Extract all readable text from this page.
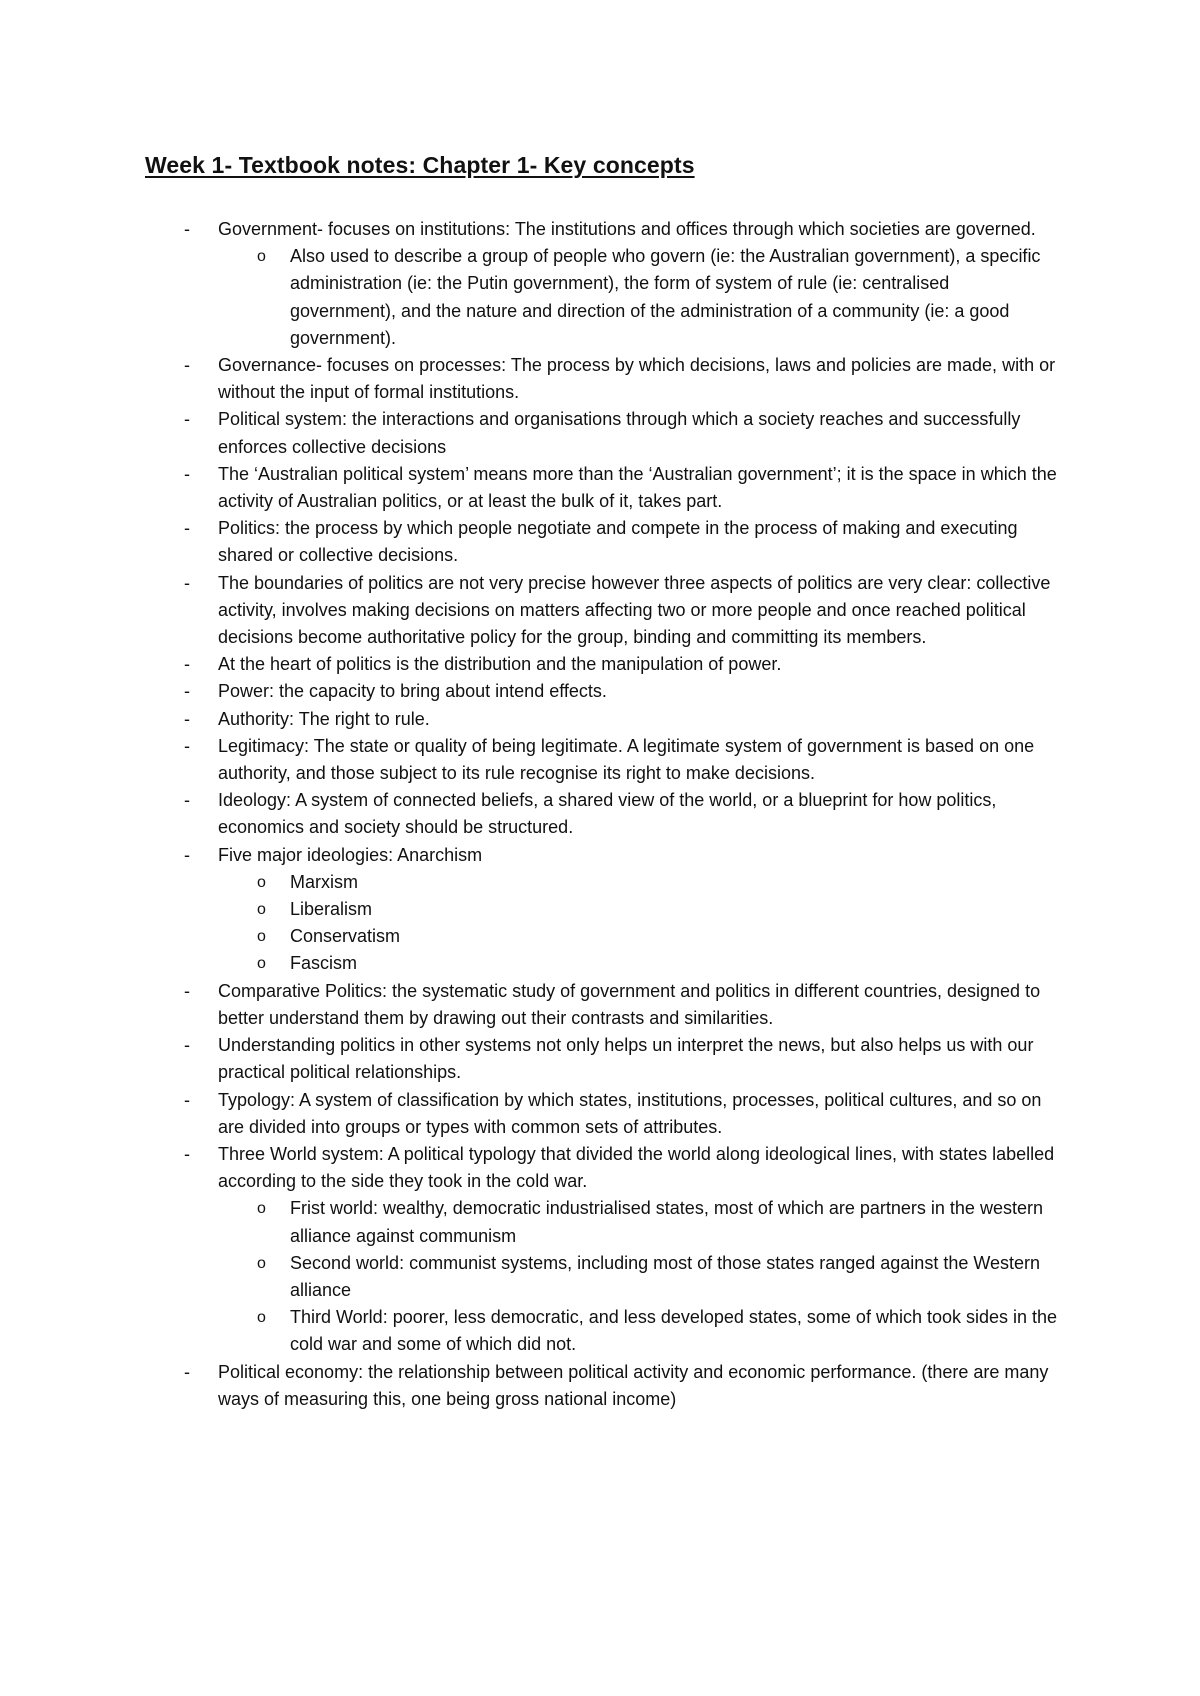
Week 1- Textbook notes: Chapter 1- Key concepts
- Government- focuses on institutions: The institutions and offices through which societies are governed.
o Also used to describe a group of people who govern (ie: the Australian government), a specific administration (ie: the Putin government), the form of system of rule (ie: centralised government), and the nature and direction of the administration of a community (ie: a good government).
- Governance- focuses on processes: The process by which decisions, laws and policies are made, with or without the input of formal institutions.
- Political system: the interactions and organisations through which a society reaches and successfully enforces collective decisions
- The ‘Australian political system’ means more than the ‘Australian government’; it is the space in which the activity of Australian politics, or at least the bulk of it, takes part.
- Politics: the process by which people negotiate and compete in the process of making and executing shared or collective decisions.
- The boundaries of politics are not very precise however three aspects of politics are very clear: collective activity, involves making decisions on matters affecting two or more people and once reached political decisions become authoritative policy for the group, binding and committing its members.
- At the heart of politics is the distribution and the manipulation of power.
- Power: the capacity to bring about intend effects.
- Authority: The right to rule.
- Legitimacy: The state or quality of being legitimate. A legitimate system of government is based on one authority, and those subject to its rule recognise its right to make decisions.
- Ideology: A system of connected beliefs, a shared view of the world, or a blueprint for how politics, economics and society should be structured.
- Five major ideologies: Anarchism
o Marxism
o Liberalism
o Conservatism
o Fascism
- Comparative Politics: the systematic study of government and politics in different countries, designed to better understand them by drawing out their contrasts and similarities.
- Understanding politics in other systems not only helps un interpret the news, but also helps us with our practical political relationships.
- Typology: A system of classification by which states, institutions, processes, political cultures, and so on are divided into groups or types with common sets of attributes.
- Three World system: A political typology that divided the world along ideological lines, with states labelled according to the side they took in the cold war.
o Frist world: wealthy, democratic industrialised states, most of which are partners in the western alliance against communism
o Second world: communist systems, including most of those states ranged against the Western alliance
o Third World: poorer, less democratic, and less developed states, some of which took sides in the cold war and some of which did not.
- Political economy: the relationship between political activity and economic performance. (there are many ways of measuring this, one being gross national income)
